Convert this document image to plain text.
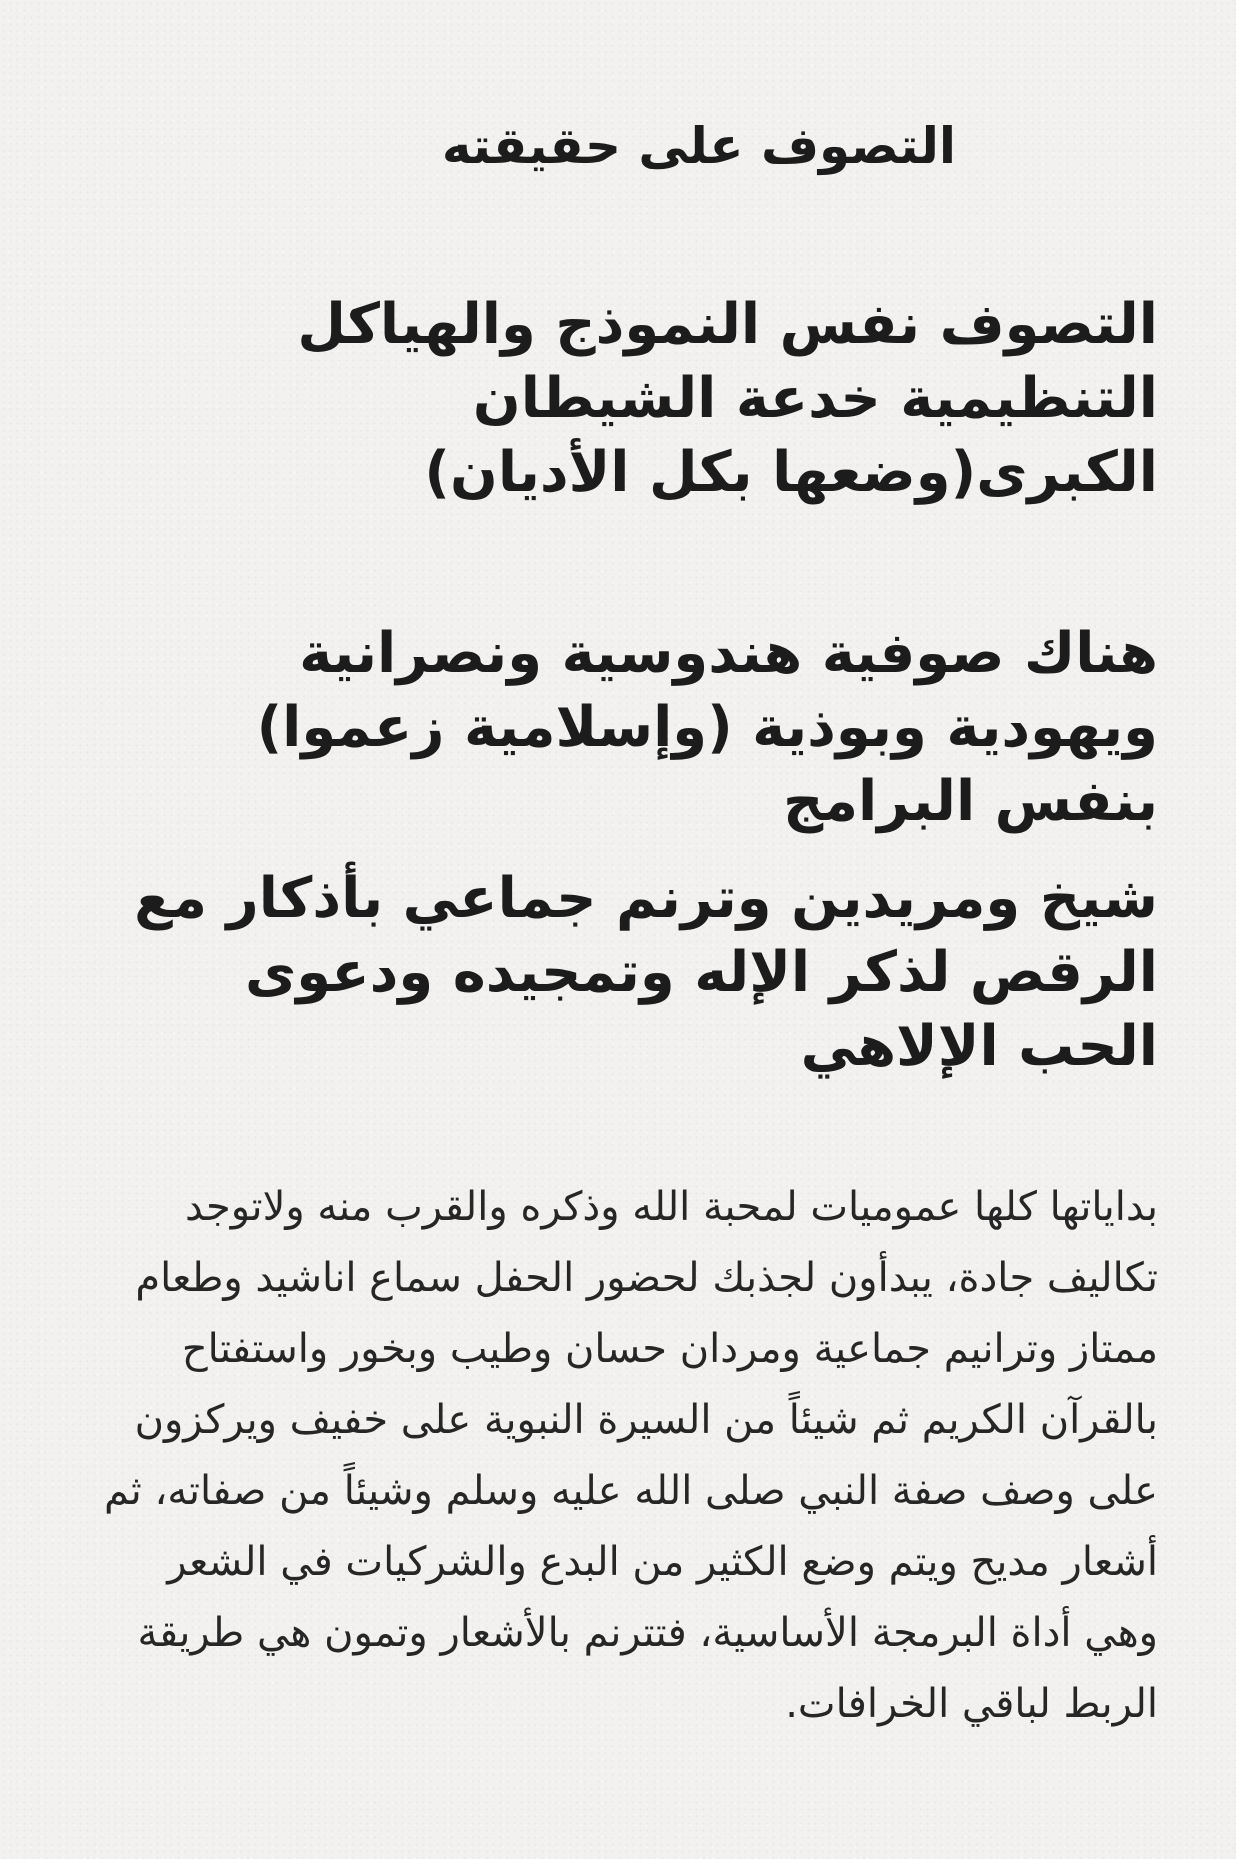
التصوف على حقيقته
التصوف نفس النموذج والهياكل التنظيمية خدعة الشيطان الكبرى(وضعها بكل الأديان)
هناك صوفية هندوسية ونصرانية ويهودية وبوذية (وإسلامية زعموا) بنفس البرامج
شيخ ومريدين وترنم جماعي بأذكار مع الرقص لذكر الإله وتمجيده ودعوى الحب الإلاهي

بداياتها كلها عموميات لمحبة الله وذكره والقرب منه ولاتوجد تكاليف جادة، يبدأون لجذبك لحضور الحفل سماع اناشيد وطعام ممتاز وترانيم جماعية ومردان حسان وطيب وبخور واستفتاح بالقرآن الكريم ثم شيئاً من السيرة النبوية على خفيف ويركزون على وصف صفة النبي صلى الله عليه وسلم وشيئاً من صفاته، ثم أشعار مديح ويتم وضع الكثير من البدع والشركيات في الشعر وهي أداة البرمجة الأساسية، فتترنم بالأشعار وتمون هي طريقة الربط لباقي الخرافات.
